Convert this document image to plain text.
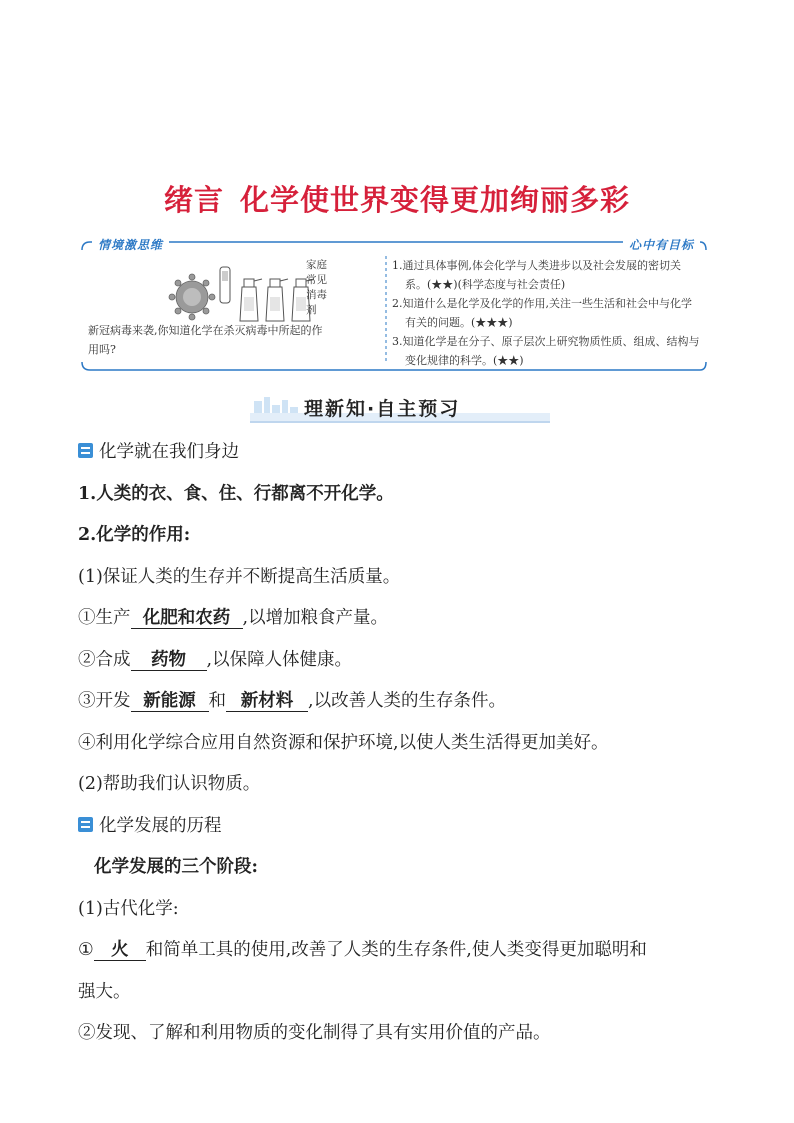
绪言 化学使世界变得更加绚丽多彩
情境激思维	心中有目标
家庭常见消毒剂
新冠病毒来袭,你知道化学在杀灭病毒中所起的作
用吗?
1.通过具体事例,体会化学与人类进步以及社会发展的密切关系。(★★)(科学态度与社会责任)
2.知道什么是化学及化学的作用,关注一些生活和社会中与化学有关的问题。(★★★)
3.知道化学是在分子、原子层次上研究物质性质、组成、结构与变化规律的科学。(★★)
理新知·自主预习
化学就在我们身边
1.人类的衣、食、住、行都离不开化学。
2.化学的作用:
(1)保证人类的生存并不断提高生活质量。
①生产 化肥和农药 ,以增加粮食产量。
②合成 药物 ,以保障人体健康。
③开发 新能源 和 新材料 ,以改善人类的生存条件。
④利用化学综合应用自然资源和保护环境,以使人类生活得更加美好。
(2)帮助我们认识物质。
化学发展的历程
化学发展的三个阶段:
(1)古代化学:
① 火 和简单工具的使用,改善了人类的生存条件,使人类变得更加聪明和
强大。
②发现、了解和利用物质的变化制得了具有实用价值的产品。
